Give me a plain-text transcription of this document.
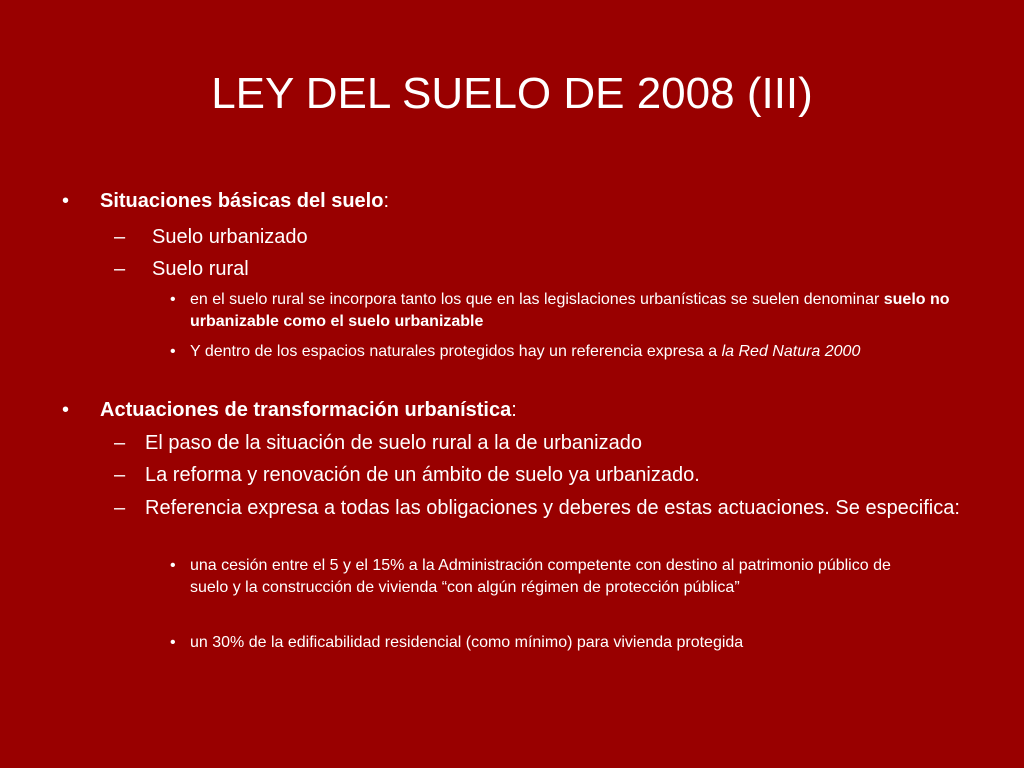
LEY DEL SUELO DE 2008 (III)
• Situaciones básicas del suelo:
– Suelo urbanizado
– Suelo rural
• en el suelo rural se incorpora tanto los que en las legislaciones urbanísticas se suelen denominar suelo no urbanizable como el suelo urbanizable
• Y dentro de los espacios naturales protegidos hay un referencia expresa a la Red Natura 2000
• Actuaciones de transformación urbanística:
– El paso de la situación de suelo rural a la de urbanizado
– La reforma y renovación de un ámbito de suelo ya urbanizado.
– Referencia expresa a todas las obligaciones y deberes de estas actuaciones. Se especifica:
• una cesión entre el 5 y el 15% a la Administración competente con destino al patrimonio público de suelo y la construcción de vivienda “con algún régimen de protección pública”
• un 30% de la edificabilidad residencial (como mínimo) para vivienda protegida
